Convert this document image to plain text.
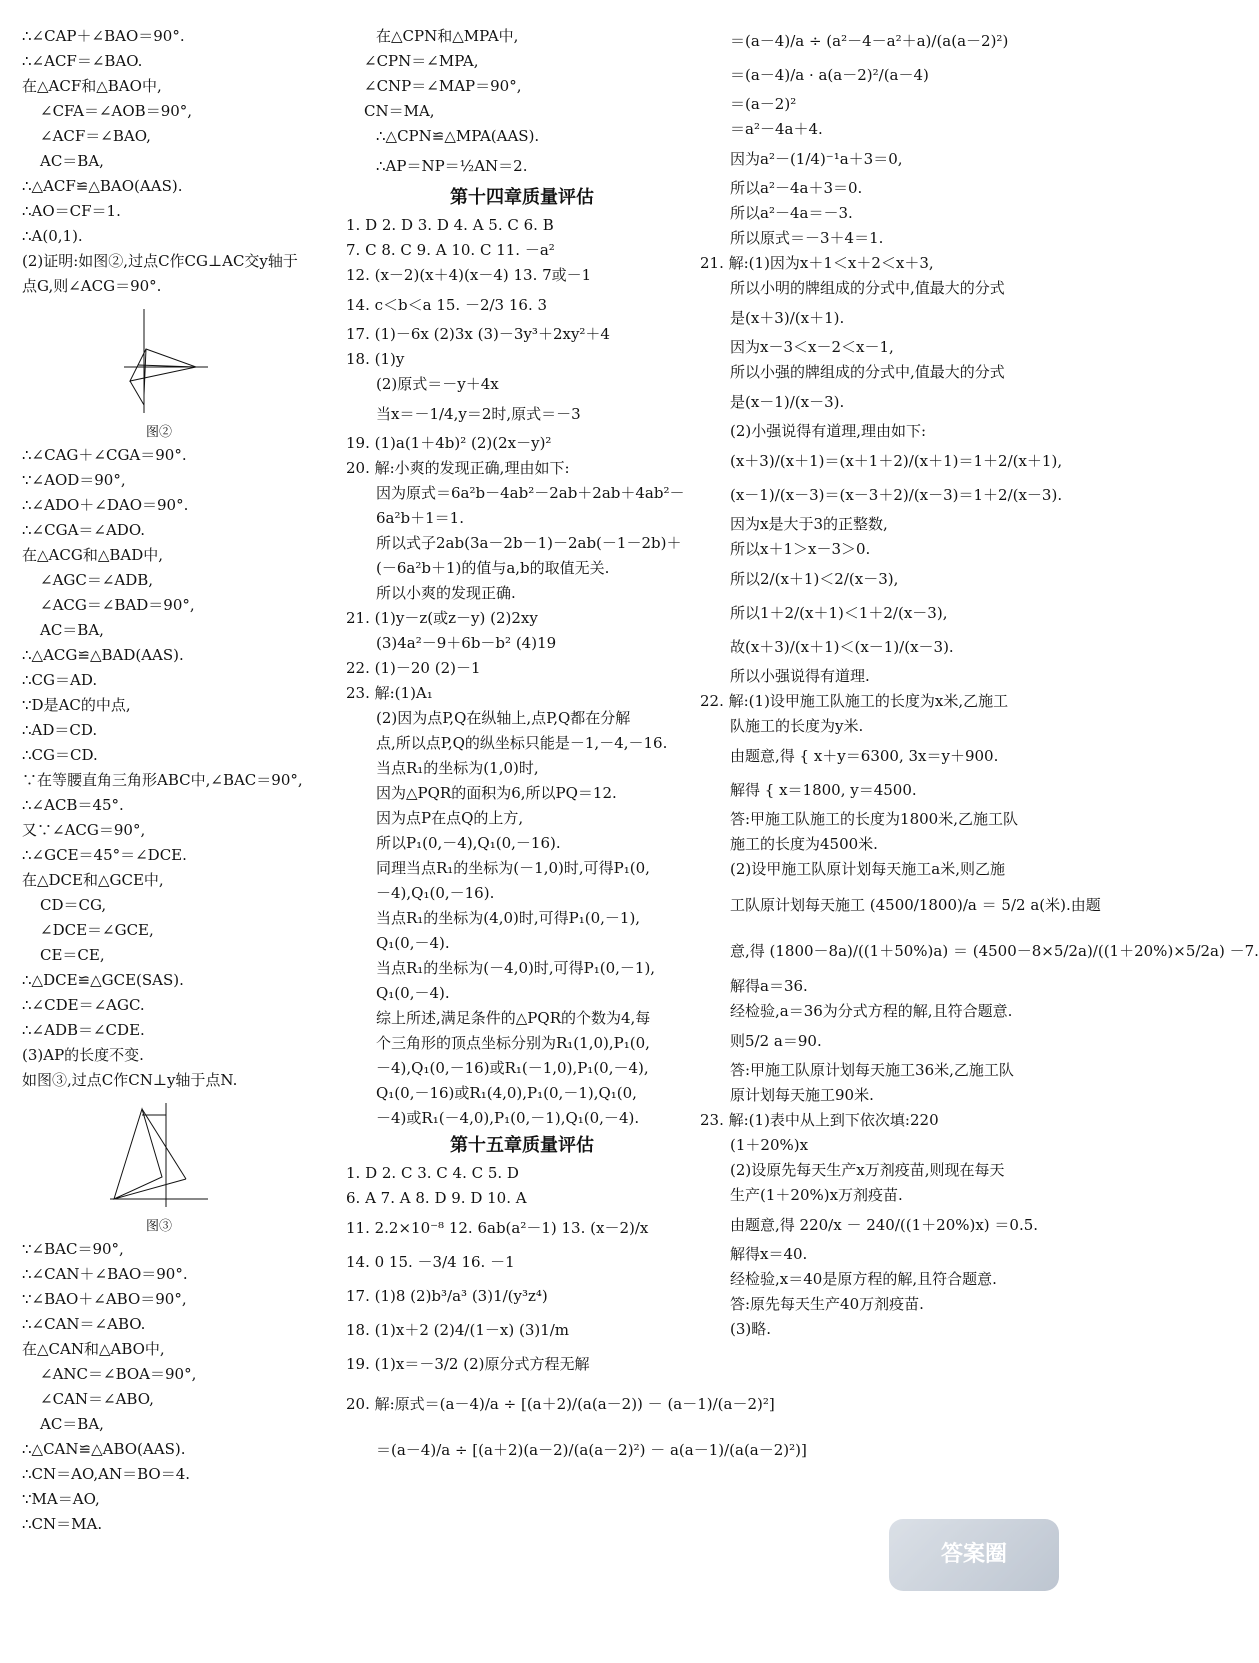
∴∠CAP＋∠BAO＝90°.
∴∠ACF＝∠BAO.
在△ACF和△BAO中,
∠CFA＝∠AOB＝90°,
∠ACF＝∠BAO,
AC＝BA,
∴△ACF≌△BAO(AAS).
∴AO＝CF＝1.
∴A(0,1).
(2)证明:如图②,过点C作CG⊥AC交y轴于
点G,则∠ACG＝90°.
图②
∴∠CAG＋∠CGA＝90°.
∵∠AOD＝90°,
∴∠ADO＋∠DAO＝90°.
∴∠CGA＝∠ADO.
在△ACG和△BAD中,
∠AGC＝∠ADB,
∠ACG＝∠BAD＝90°,
AC＝BA,
∴△ACG≌△BAD(AAS).
∴CG＝AD.
∵D是AC的中点,
∴AD＝CD.
∴CG＝CD.
∵在等腰直角三角形ABC中,∠BAC＝90°,
∴∠ACB＝45°.
又∵∠ACG＝90°,
∴∠GCE＝45°＝∠DCE.
在△DCE和△GCE中,
CD＝CG,
∠DCE＝∠GCE,
CE＝CE,
∴△DCE≌△GCE(SAS).
∴∠CDE＝∠AGC.
∴∠ADB＝∠CDE.
(3)AP的长度不变.
如图③,过点C作CN⊥y轴于点N.
图③
∵∠BAC＝90°,
∴∠CAN＋∠BAO＝90°.
∵∠BAO＋∠ABO＝90°,
∴∠CAN＝∠ABO.
在△CAN和△ABO中,
∠ANC＝∠BOA＝90°,
∠CAN＝∠ABO,
AC＝BA,
∴△CAN≌△ABO(AAS).
∴CN＝AO,AN＝BO＝4.
∵MA＝AO,
∴CN＝MA.
在△CPN和△MPA中,
∠CPN＝∠MPA,
∠CNP＝∠MAP＝90°,
CN＝MA,
∴△CPN≌△MPA(AAS).
∴AP＝NP＝½AN＝2.
第十四章质量评估
1. D 2. D 3. D 4. A 5. C 6. B
7. C 8. C 9. A 10. C 11. －a²
12. (x－2)(x＋4)(x－4) 13. 7或－1
14. c＜b＜a 15. －2/3 16. 3
17. (1)－6x (2)3x (3)－3y³＋2xy²＋4
18. (1)y
(2)原式＝－y＋4x
当x＝－1/4,y＝2时,原式＝－3
19. (1)a(1＋4b)² (2)(2x－y)²
20. 解:小爽的发现正确,理由如下:
因为原式＝6a²b－4ab²－2ab＋2ab＋4ab²－
6a²b＋1＝1.
所以式子2ab(3a－2b－1)－2ab(－1－2b)＋
(－6a²b＋1)的值与a,b的取值无关.
所以小爽的发现正确.
21. (1)y－z(或z－y) (2)2xy
(3)4a²－9＋6b－b² (4)19
22. (1)－20 (2)－1
23. 解:(1)A₁
(2)因为点P,Q在纵轴上,点P,Q都在分解
点,所以点P,Q的纵坐标只能是－1,－4,－16.
当点R₁的坐标为(1,0)时,
因为△PQR的面积为6,所以PQ＝12.
因为点P在点Q的上方,
所以P₁(0,－4),Q₁(0,－16).
同理当点R₁的坐标为(－1,0)时,可得P₁(0,
－4),Q₁(0,－16).
当点R₁的坐标为(4,0)时,可得P₁(0,－1),
Q₁(0,－4).
当点R₁的坐标为(－4,0)时,可得P₁(0,－1),
Q₁(0,－4).
综上所述,满足条件的△PQR的个数为4,每
个三角形的顶点坐标分别为R₁(1,0),P₁(0,
－4),Q₁(0,－16)或R₁(－1,0),P₁(0,－4),
Q₁(0,－16)或R₁(4,0),P₁(0,－1),Q₁(0,
－4)或R₁(－4,0),P₁(0,－1),Q₁(0,－4).
第十五章质量评估
1. D 2. C 3. C 4. C 5. D
6. A 7. A 8. D 9. D 10. A
11. 2.2×10⁻⁸ 12. 6ab(a²－1) 13. (x－2)/x
14. 0 15. －3/4 16. －1
17. (1)8 (2)b³/a³ (3)1/(y³z⁴)
18. (1)x＋2 (2)4/(1－x) (3)1/m
19. (1)x＝－3/2 (2)原分式方程无解
20. 解:原式＝(a－4)/a ÷ [(a＋2)/(a(a－2)) － (a－1)/(a－2)²]
＝(a－4)/a ÷ [(a＋2)(a－2)/(a(a－2)²) － a(a－1)/(a(a－2)²)]
＝(a－4)/a ÷ (a²－4－a²＋a)/(a(a－2)²)
＝(a－4)/a · a(a－2)²/(a－4)
＝(a－2)²
＝a²－4a＋4.
因为a²－(1/4)⁻¹a＋3＝0,
所以a²－4a＋3＝0.
所以a²－4a＝－3.
所以原式＝－3＋4＝1.
21. 解:(1)因为x＋1＜x＋2＜x＋3,
所以小明的牌组成的分式中,值最大的分式
是(x＋3)/(x＋1).
因为x－3＜x－2＜x－1,
所以小强的牌组成的分式中,值最大的分式
是(x－1)/(x－3).
(2)小强说得有道理,理由如下:
(x＋3)/(x＋1)＝(x＋1＋2)/(x＋1)＝1＋2/(x＋1),
(x－1)/(x－3)＝(x－3＋2)/(x－3)＝1＋2/(x－3).
因为x是大于3的正整数,
所以x＋1＞x－3＞0.
所以2/(x＋1)＜2/(x－3),
所以1＋2/(x＋1)＜1＋2/(x－3),
故(x＋3)/(x＋1)＜(x－1)/(x－3).
所以小强说得有道理.
22. 解:(1)设甲施工队施工的长度为x米,乙施工
队施工的长度为y米.
由题意,得 { x＋y＝6300, 3x＝y＋900.
解得 { x＝1800, y＝4500.
答:甲施工队施工的长度为1800米,乙施工队
施工的长度为4500米.
(2)设甲施工队原计划每天施工a米,则乙施
工队原计划每天施工 (4500/1800)/a ＝ 5/2 a(米).由题
意,得 (1800－8a)/((1＋50%)a) ＝ (4500－8×5/2a)/((1＋20%)×5/2a) －7.
解得a＝36.
经检验,a＝36为分式方程的解,且符合题意.
则5/2 a＝90.
答:甲施工队原计划每天施工36米,乙施工队
原计划每天施工90米.
23. 解:(1)表中从上到下依次填:220
(1＋20%)x
(2)设原先每天生产x万剂疫苗,则现在每天
生产(1＋20%)x万剂疫苗.
由题意,得 220/x － 240/((1＋20%)x) ＝0.5.
解得x＝40.
经检验,x＝40是原方程的解,且符合题意.
答:原先每天生产40万剂疫苗.
(3)略.
答案圈 MXQE.COM
